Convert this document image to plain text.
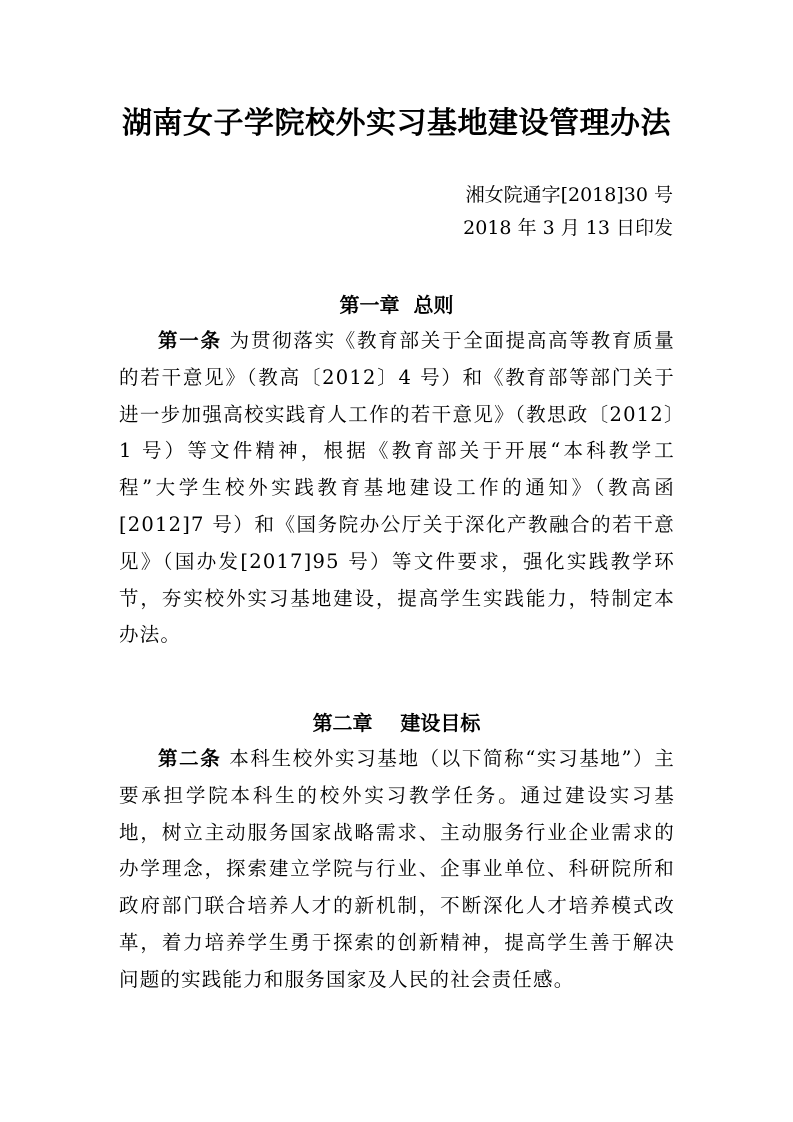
湖南女子学院校外实习基地建设管理办法
湘女院通字[2018]30 号
2018 年 3 月 13 日印发
第一章  总则
第一条 为贯彻落实《教育部关于全面提高高等教育质量的若干意见》（教高〔2012〕4 号）和《教育部等部门关于进一步加强高校实践育人工作的若干意见》（教思政〔2012〕1 号）等文件精神，根据《教育部关于开展“本科教学工程”大学生校外实践教育基地建设工作的通知》（教高函[2012]7 号）和《国务院办公厅关于深化产教融合的若干意见》（国办发[2017]95 号）等文件要求，强化实践教学环节，夯实校外实习基地建设，提高学生实践能力，特制定本办法。
第二章    建设目标
第二条 本科生校外实习基地（以下简称“实习基地”）主要承担学院本科生的校外实习教学任务。通过建设实习基地，树立主动服务国家战略需求、主动服务行业企业需求的办学理念，探索建立学院与行业、企事业单位、科研院所和政府部门联合培养人才的新机制，不断深化人才培养模式改革，着力培养学生勇于探索的创新精神，提高学生善于解决问题的实践能力和服务国家及人民的社会责任感。
